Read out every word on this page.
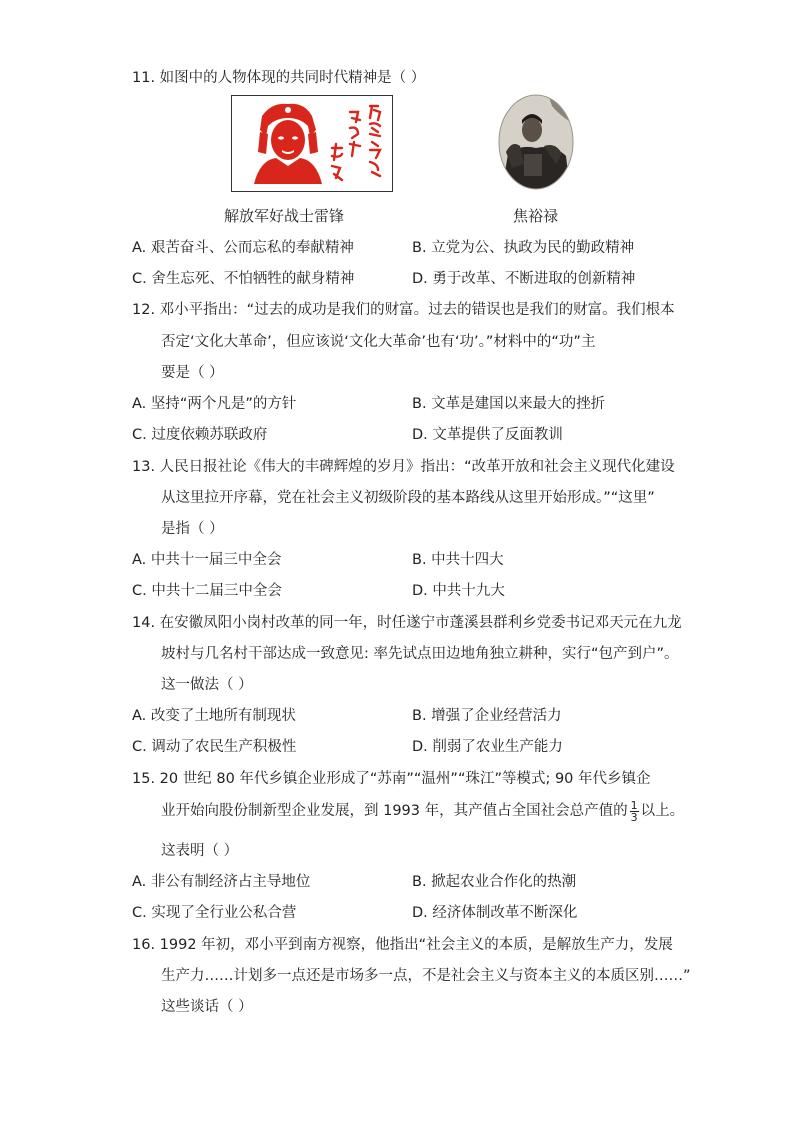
11. 如图中的人物体现的共同时代精神是（ ）
解放军好战士雷锋	焦裕禄
A. 艰苦奋斗、公而忘私的奉献精神	B. 立党为公、执政为民的勤政精神
C. 舍生忘死、不怕牺牲的献身精神	D. 勇于改革、不断进取的创新精神
12. 邓小平指出：“过去的成功是我们的财富。过去的错误也是我们的财富。我们根本
否定‘文化大革命’，但应该说‘文化大革命’也有‘功’。”材料中的“功”主
要是（ ）
A. 坚持“两个凡是”的方针	B. 文革是建国以来最大的挫折
C. 过度依赖苏联政府	D. 文革提供了反面教训
13. 人民日报社论《伟大的丰碑辉煌的岁月》指出：“改革开放和社会主义现代化建设
从这里拉开序幕，党在社会主义初级阶段的基本路线从这里开始形成。”“这里”
是指（ ）
A. 中共十一届三中全会	B. 中共十四大
C. 中共十二届三中全会	D. 中共十九大
14. 在安徽凤阳小岗村改革的同一年，时任遂宁市蓬溪县群利乡党委书记邓天元在九龙
坡村与几名村干部达成一致意见: 率先试点田边地角独立耕种，实行“包产到户”。
这一做法（ ）
A. 改变了土地所有制现状	B. 增强了企业经营活力
C. 调动了农民生产积极性	D. 削弱了农业生产能力
15. 20 世纪 80 年代乡镇企业形成了“苏南”“温州”“珠江”等模式; 90 年代乡镇企
业开始向股份制新型企业发展，到 1993 年，其产值占全国社会总产值的 $\frac{1}{3}$ 以上。
这表明（ ）
A. 非公有制经济占主导地位	B. 掀起农业合作化的热潮
C. 实现了全行业公私合营	D. 经济体制改革不断深化
16. 1992 年初，邓小平到南方视察，他指出“社会主义的本质，是解放生产力，发展
生产力……计划多一点还是市场多一点，不是社会主义与资本主义的本质区别……”
这些谈话（ ）
